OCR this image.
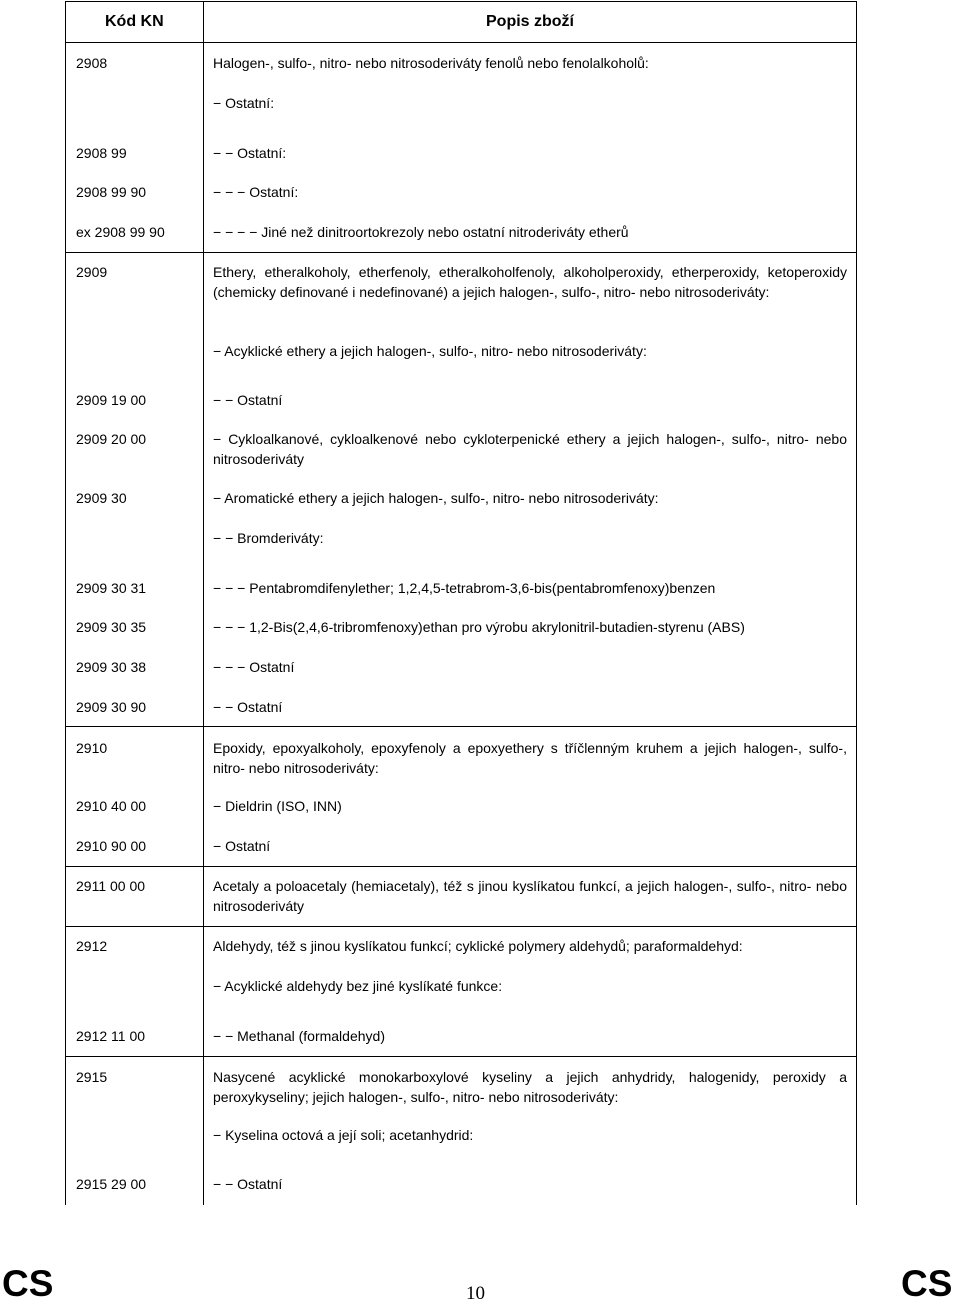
Kód KN	Popis zboží
2908	Halogen-, sulfo-, nitro- nebo nitrosoderiváty fenolů nebo fenolalkoholů:
− Ostatní:
2908 99	− − Ostatní:
2908 99 90	− − − Ostatní:
ex 2908 99 90	− − − − Jiné než dinitroortokrezoly nebo ostatní nitroderiváty etherů
2909	Ethery, etheralkoholy, etherfenoly, etheralkoholfenoly, alkoholperoxidy, etherperoxidy, ketoperoxidy (chemicky definované i nedefinované) a jejich halogen-, sulfo-, nitro- nebo nitrosoderiváty:
− Acyklické ethery a jejich halogen-, sulfo-, nitro- nebo nitrosoderiváty:
2909 19 00	− − Ostatní
2909 20 00	− Cykloalkanové, cykloalkenové nebo cykloterpenické ethery a jejich halogen-, sulfo-, nitro- nebo nitrosoderiváty
2909 30	− Aromatické ethery a jejich halogen-, sulfo-, nitro- nebo nitrosoderiváty:
− − Bromderiváty:
2909 30 31	− − − Pentabromdifenylether; 1,2,4,5-tetrabrom-3,6-bis(pentabromfenoxy)benzen
2909 30 35	− − − 1,2-Bis(2,4,6-tribromfenoxy)ethan pro výrobu akrylonitril-butadien-styrenu (ABS)
2909 30 38	− − − Ostatní
2909 30 90	− − Ostatní
2910	Epoxidy, epoxyalkoholy, epoxyfenoly a epoxyethery s tříčlenným kruhem a jejich halogen-, sulfo-, nitro- nebo nitrosoderiváty:
2910 40 00	− Dieldrin (ISO, INN)
2910 90 00	− Ostatní
2911 00 00	Acetaly a poloacetaly (hemiacetaly), též s jinou kyslíkatou funkcí, a jejich halogen-, sulfo-, nitro- nebo nitrosoderiváty
2912	Aldehydy, též s jinou kyslíkatou funkcí; cyklické polymery aldehydů; paraformaldehyd:
− Acyklické aldehydy bez jiné kyslíkaté funkce:
2912 11 00	− − Methanal (formaldehyd)
2915	Nasycené acyklické monokarboxylové kyseliny a jejich anhydridy, halogenidy, peroxidy a peroxykyseliny; jejich halogen-, sulfo-, nitro- nebo nitrosoderiváty:
− Kyselina octová a její soli; acetanhydrid:
2915 29 00	− − Ostatní
CS	10	CS
